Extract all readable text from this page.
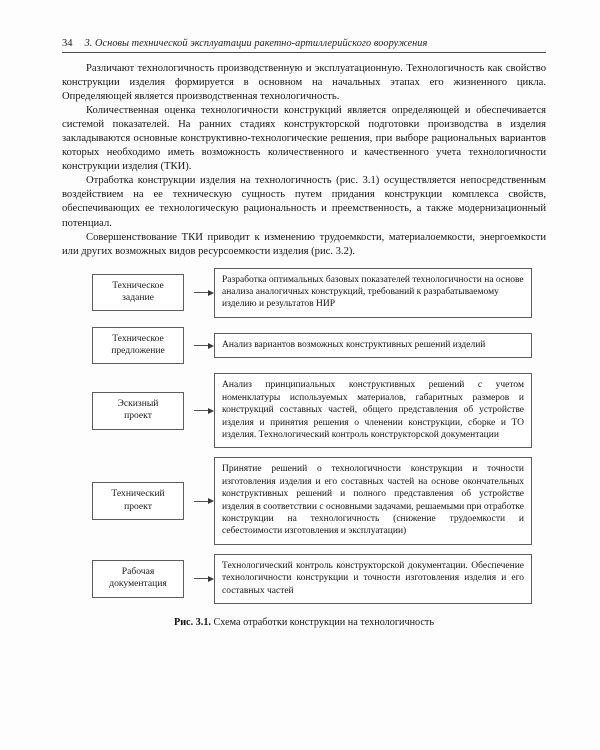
34 3. Основы технической эксплуатации ракетно-артиллерийского вооружения

Различают технологичность производственную и эксплуатационную. Технологичность как свойство конструкции изделия формируется в основном на начальных этапах его жизненного цикла. Определяющей является производственная технологичность.

Количественная оценка технологичности конструкций является определяющей и обеспечивается системой показателей. На ранних стадиях конструкторской подготовки производства в изделия закладываются основные конструктивно-технологические решения, при выборе рациональных вариантов которых необходимо иметь возможность количественного и качественного учета технологичности конструкции изделия (ТКИ).

Отработка конструкции изделия на технологичность (рис. 3.1) осуществляется непосредственным воздействием на ее техническую сущность путем придания конструкции комплекса свойств, обеспечивающих ее технологическую рациональность и преемственность, а также модернизационный потенциал.

Совершенствование ТКИ приводит к изменению трудоемкости, материалоемкости, энергоемкости или других возможных видов ресурсоемкости изделия (рис. 3.2).

Техническое
задание
Разработка оптимальных базовых показателей технологичности на основе анализа аналогичных конструкций, требований к разрабатываемому изделию и результатов НИР
Техническое
предложение
Анализ вариантов возможных конструктивных решений изделий
Эскизный
проект
Анализ принципиальных конструктивных решений с учетом номенклатуры используемых материалов, габаритных размеров и конструкций составных частей, общего представления об устройстве изделия и принятия решения о членении конструкции, сборке и ТО изделия. Технологический контроль конструкторской документации
Технический
проект
Принятие решений о технологичности конструкции и точности изготовления изделия и его составных частей на основе окончательных конструктивных решений и полного представления об устройстве изделия в соответствии с основными задачами, решаемыми при отработке конструкции на технологичность (снижение трудоемкости и себестоимости изготовления и эксплуатации)
Рабочая
документация
Технологический контроль конструкторской документации. Обеспечение технологичности конструкции и точности изготовления изделия и его составных частей
Рис. 3.1. Схема отработки конструкции на технологичность
